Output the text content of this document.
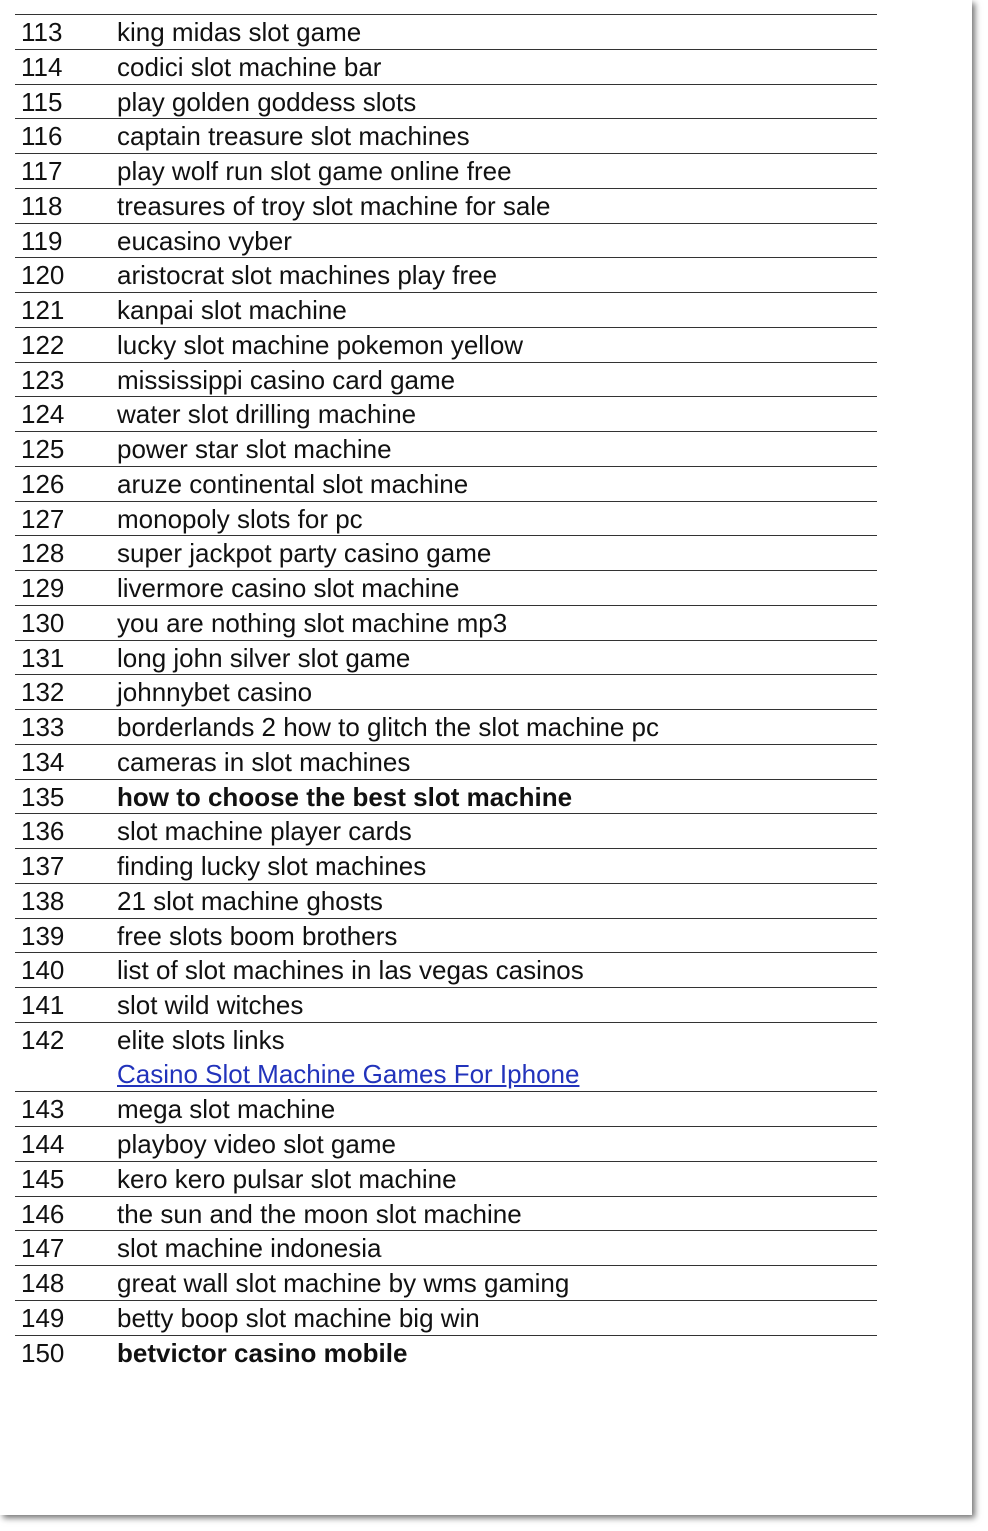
113 king midas slot game
114 codici slot machine bar
115 play golden goddess slots
116 captain treasure slot machines
117 play wolf run slot game online free
118 treasures of troy slot machine for sale
119 eucasino vyber
120 aristocrat slot machines play free
121 kanpai slot machine
122 lucky slot machine pokemon yellow
123 mississippi casino card game
124 water slot drilling machine
125 power star slot machine
126 aruze continental slot machine
127 monopoly slots for pc
128 super jackpot party casino game
129 livermore casino slot machine
130 you are nothing slot machine mp3
131 long john silver slot game
132 johnnybet casino
133 borderlands 2 how to glitch the slot machine pc
134 cameras in slot machines
135 how to choose the best slot machine
136 slot machine player cards
137 finding lucky slot machines
138 21 slot machine ghosts
139 free slots boom brothers
140 list of slot machines in las vegas casinos
141 slot wild witches
142 elite slots links
Casino Slot Machine Games For Iphone
143 mega slot machine
144 playboy video slot game
145 kero kero pulsar slot machine
146 the sun and the moon slot machine
147 slot machine indonesia
148 great wall slot machine by wms gaming
149 betty boop slot machine big win
150 betvictor casino mobile
